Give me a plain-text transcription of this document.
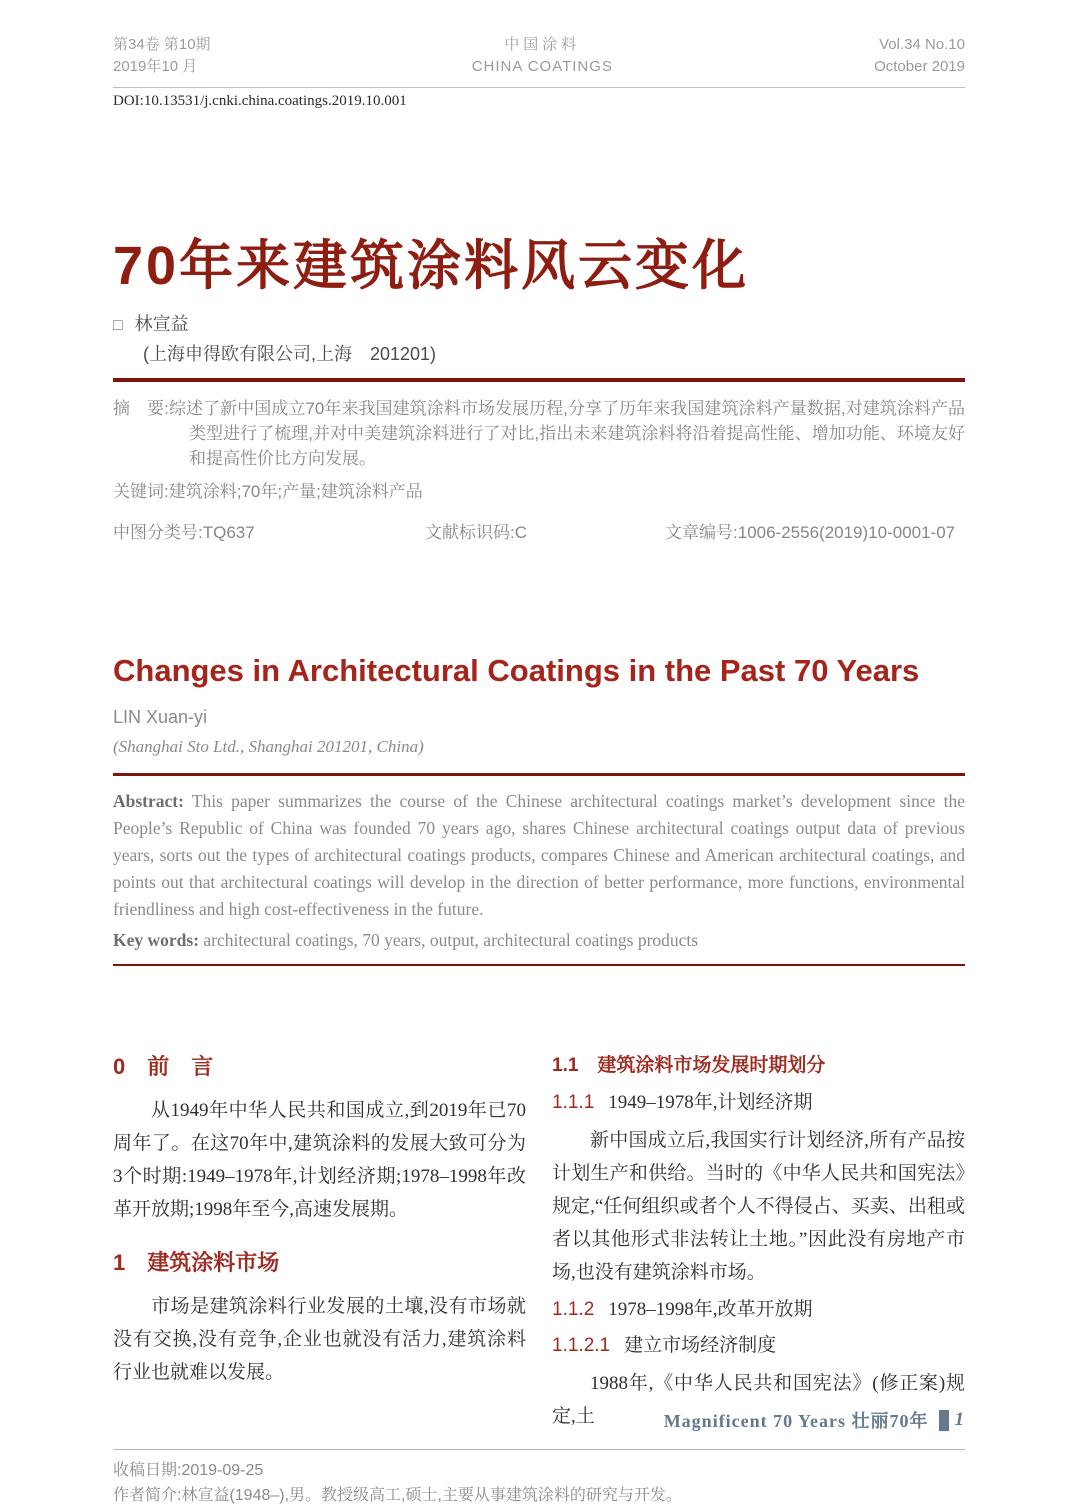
第34卷 第10期
2019年10 月
中国涂料
CHINA COATINGS
Vol.34 No.10
October 2019
DOI:10.13531/j.cnki.china.coatings.2019.10.001
70年来建筑涂料风云变化
□ 林宣益
(上海申得欧有限公司,上海　201201)
摘　要:综述了新中国成立70年来我国建筑涂料市场发展历程,分享了历年来我国建筑涂料产量数据,对建筑涂料产品类型进行了梳理,并对中美建筑涂料进行了对比,指出未来建筑涂料将沿着提高性能、增加功能、环境友好和提高性价比方向发展。
关键词:建筑涂料;70年;产量;建筑涂料产品
中图分类号:TQ637	文献标识码:C	文章编号:1006-2556(2019)10-0001-07
Changes in Architectural Coatings in the Past 70 Years
LIN Xuan-yi
(Shanghai Sto Ltd., Shanghai 201201, China)
Abstract: This paper summarizes the course of the Chinese architectural coatings market’s development since the People’s Republic of China was founded 70 years ago, shares Chinese architectural coatings output data of previous years, sorts out the types of architectural coatings products, compares Chinese and American architectural coatings, and points out that architectural coatings will develop in the direction of better performance, more functions, environmental friendliness and high cost-effectiveness in the future.
Key words: architectural coatings, 70 years, output, architectural coatings products
0　前　言

从1949年中华人民共和国成立,到2019年已70周年了。在这70年中,建筑涂料的发展大致可分为3个时期:1949–1978年,计划经济期;1978–1998年改革开放期;1998年至今,高速发展期。

1　建筑涂料市场

市场是建筑涂料行业发展的土壤,没有市场就没有交换,没有竞争,企业也就没有活力,建筑涂料行业也就难以发展。

1.1　建筑涂料市场发展时期划分
1.1.1 1949–1978年,计划经济期

新中国成立后,我国实行计划经济,所有产品按计划生产和供给。当时的《中华人民共和国宪法》规定,“任何组织或者个人不得侵占、买卖、出租或者以其他形式非法转让土地。”因此没有房地产市场,也没有建筑涂料市场。

1.1.2 1978–1998年,改革开放期
1.1.2.1 建立市场经济制度

1988年,《中华人民共和国宪法》(修正案)规定,土

收稿日期:2019-09-25
作者简介:林宣益(1948–),男。教授级高工,硕士,主要从事建筑涂料的研究与开发。
Magnificent 70 Years 壮丽70年 1
